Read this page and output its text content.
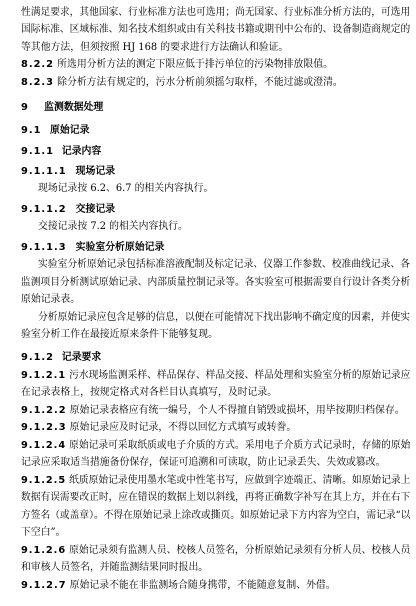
性满足要求，其他国家、行业标准方法也可选用；尚无国家、行业标准分析方法的，可选用
国际标准、区域标准、知名技术组织或由有关科技书籍或期刊中公布的、设备制造商规定的
等其他方法，但须按照 HJ 168 的要求进行方法确认和验证。
8.2.2 所选用分析方法的测定下限应低于排污单位的污染物排放限值。
8.2.3 除分析方法有规定的，污水分析前须摇匀取样，不能过滤或澄清。
9 监测数据处理
9.1 原始记录
9.1.1 记录内容
9.1.1.1 现场记录
现场记录按 6.2、6.7 的相关内容执行。
9.1.1.2 交接记录
交接记录按 7.2 的相关内容执行。
9.1.1.3 实验室分析原始记录
实验室分析原始记录包括标准溶液配制及标定记录、仪器工作参数、校准曲线记录、各
监测项目分析测试原始记录、内部质量控制记录等。各实验室可根据需要自行设计各类分析
原始记录表。
分析原始记录应包含足够的信息，以便在可能情况下找出影响不确定度的因素，并使实
验室分析工作在最接近原来条件下能够复现。
9.1.2 记录要求
9.1.2.1 污水现场监测采样、样品保存、样品交接、样品处理和实验室分析的原始记录应
在记录表格上，按规定格式对各栏目认真填写，及时记录。
9.1.2.2 原始记录表格应有统一编号，个人不得擅自销毁或损坏，用毕按期归档保存。
9.1.2.3 原始记录应及时记录，不得以回忆方式填写或转誊。
9.1.2.4 原始记录可采取纸质或电子介质的方式。采用电子介质方式记录时，存储的原始
记录应采取适当措施备份保存，保证可追溯和可读取，防止记录丢失、失效或篡改。
9.1.2.5 纸质原始记录使用墨水笔或中性笔书写，应做到字迹端正、清晰。如原始记录上
数据有误需要改正时，应在错误的数据上划以斜线，再将正确数字补写在其上方，并在右下
方签名（或盖章）。不得在原始记录上涂改或撕页。如原始记录下方内容为空白，需记录“以
下空白”。
9.1.2.6 原始记录须有监测人员、校核人员签名，分析原始记录须有分析人员、校核人员
和审核人员签名，并随监测结果同时报出。
9.1.2.7 原始记录不能在非监测场合随身携带，不能随意复制、外借。
